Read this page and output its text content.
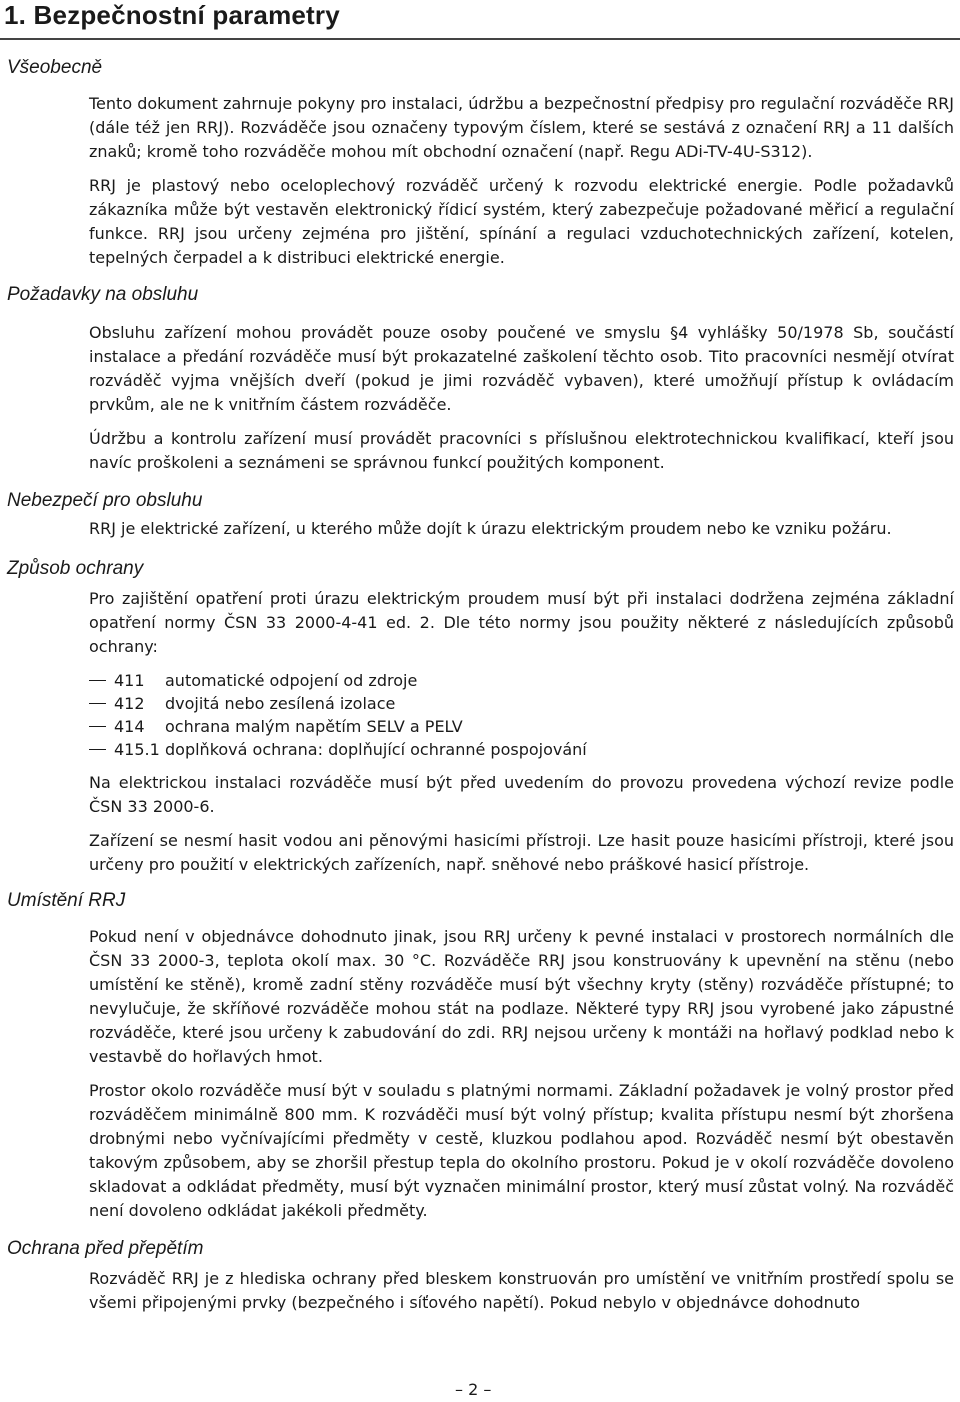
1. Bezpečnostní parametry
Všeobecně

Tento dokument zahrnuje pokyny pro instalaci, údržbu a bezpečnostní předpisy pro regulační rozváděče RRJ (dále též jen RRJ). Rozváděče jsou označeny typovým číslem, které se sestává z označení RRJ a 11 dalších znaků; kromě toho rozváděče mohou mít obchodní označení (např. Regu ADi-TV-4U-S312).

RRJ je plastový nebo oceloplechový rozváděč určený k rozvodu elektrické energie. Podle požadavků zákazníka může být vestavěn elektronický řídicí systém, který zabezpečuje požadované měřicí a regulační funkce. RRJ jsou určeny zejména pro jištění, spínání a regulaci vzduchotechnických zařízení, kotelen, tepelných čerpadel a k distribuci elektrické energie.

Požadavky na obsluhu

Obsluhu zařízení mohou provádět pouze osoby poučené ve smyslu §4 vyhlášky 50/1978 Sb, součástí instalace a předání rozváděče musí být prokazatelné zaškolení těchto osob. Tito pracovníci nesmějí otvírat rozváděč vyjma vnějších dveří (pokud je jimi rozváděč vybaven), které umožňují přístup k ovládacím prvkům, ale ne k vnitřním částem rozváděče.

Údržbu a kontrolu zařízení musí provádět pracovníci s příslušnou elektrotechnickou kvalifikací, kteří jsou navíc proškoleni a seznámeni se správnou funkcí použitých komponent.

Nebezpečí pro obsluhu

RRJ je elektrické zařízení, u kterého může dojít k úrazu elektrickým proudem nebo ke vzniku požáru.

Způsob ochrany

Pro zajištění opatření proti úrazu elektrickým proudem musí být při instalaci dodržena zejména základní opatření normy ČSN 33 2000-4-41 ed. 2. Dle této normy jsou použity některé z následujících způsobů ochrany:

411 automatické odpojení od zdroje
412 dvojitá nebo zesílená izolace
414 ochrana malým napětím SELV a PELV
415.1 doplňková ochrana: doplňující ochranné pospojování

Na elektrickou instalaci rozváděče musí být před uvedením do provozu provedena výchozí revize podle ČSN 33 2000-6.

Zařízení se nesmí hasit vodou ani pěnovými hasicími přístroji. Lze hasit pouze hasicími přístroji, které jsou určeny pro použití v elektrických zařízeních, např. sněhové nebo práškové hasicí přístroje.

Umístění RRJ

Pokud není v objednávce dohodnuto jinak, jsou RRJ určeny k pevné instalaci v prostorech normálních dle ČSN 33 2000-3, teplota okolí max. 30 °C. Rozváděče RRJ jsou konstruovány k upevnění na stěnu (nebo umístění ke stěně), kromě zadní stěny rozváděče musí být všechny kryty (stěny) rozváděče přístupné; to nevylučuje, že skříňové rozváděče mohou stát na podlaze. Některé typy RRJ jsou vyrobené jako zápustné rozváděče, které jsou určeny k zabudování do zdi. RRJ nejsou určeny k montáži na hořlavý podklad nebo k vestavbě do hořlavých hmot.

Prostor okolo rozváděče musí být v souladu s platnými normami. Základní požadavek je volný prostor před rozváděčem minimálně 800 mm. K rozváděči musí být volný přístup; kvalita přístupu nesmí být zhoršena drobnými nebo vyčnívajícími předměty v cestě, kluzkou podlahou apod. Rozváděč nesmí být obestavěn takovým způsobem, aby se zhoršil přestup tepla do okolního prostoru. Pokud je v okolí rozváděče dovoleno skladovat a odkládat předměty, musí být vyznačen minimální prostor, který musí zůstat volný. Na rozváděč není dovoleno odkládat jakékoli předměty.

Ochrana před přepětím

Rozváděč RRJ je z hlediska ochrany před bleskem konstruován pro umístění ve vnitřním prostředí spolu se všemi připojenými prvky (bezpečného i síťového napětí). Pokud nebylo v objednávce dohodnuto

– 2 –
